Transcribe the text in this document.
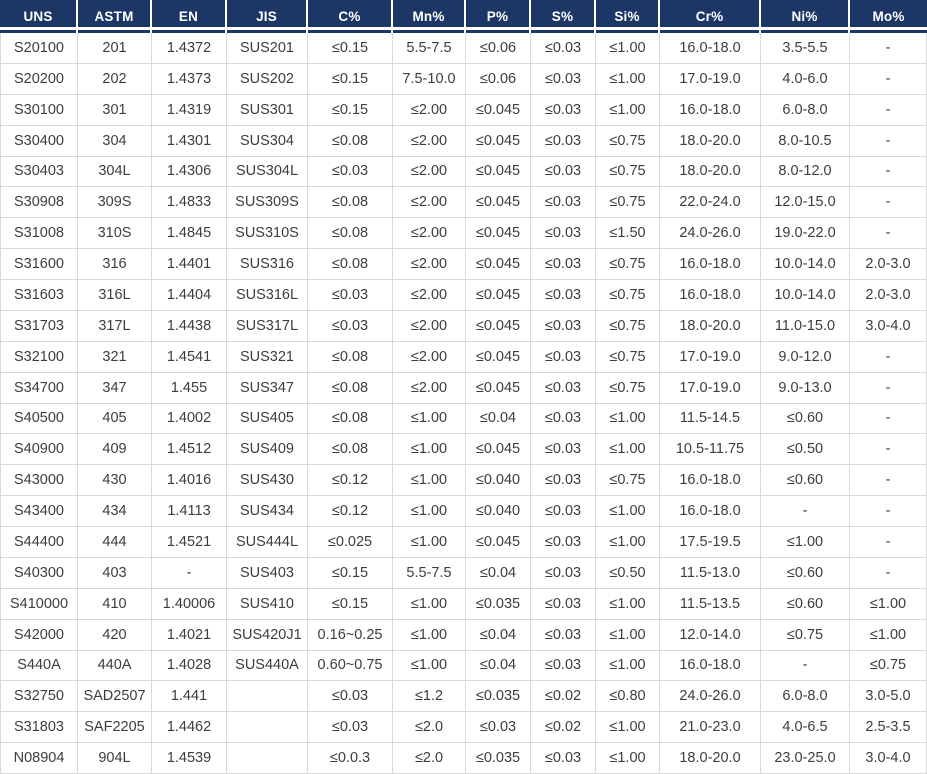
UNS	ASTM	EN	JIS	C%	Mn%	P%	S%	Si%	Cr%	Ni%	Mo%
S20100	201	1.4372	SUS201	≤0.15	5.5-7.5	≤0.06	≤0.03	≤1.00	16.0-18.0	3.5-5.5	-
S20200	202	1.4373	SUS202	≤0.15	7.5-10.0	≤0.06	≤0.03	≤1.00	17.0-19.0	4.0-6.0	-
S30100	301	1.4319	SUS301	≤0.15	≤2.00	≤0.045	≤0.03	≤1.00	16.0-18.0	6.0-8.0	-
S30400	304	1.4301	SUS304	≤0.08	≤2.00	≤0.045	≤0.03	≤0.75	18.0-20.0	8.0-10.5	-
S30403	304L	1.4306	SUS304L	≤0.03	≤2.00	≤0.045	≤0.03	≤0.75	18.0-20.0	8.0-12.0	-
S30908	309S	1.4833	SUS309S	≤0.08	≤2.00	≤0.045	≤0.03	≤0.75	22.0-24.0	12.0-15.0	-
S31008	310S	1.4845	SUS310S	≤0.08	≤2.00	≤0.045	≤0.03	≤1.50	24.0-26.0	19.0-22.0	-
S31600	316	1.4401	SUS316	≤0.08	≤2.00	≤0.045	≤0.03	≤0.75	16.0-18.0	10.0-14.0	2.0-3.0
S31603	316L	1.4404	SUS316L	≤0.03	≤2.00	≤0.045	≤0.03	≤0.75	16.0-18.0	10.0-14.0	2.0-3.0
S31703	317L	1.4438	SUS317L	≤0.03	≤2.00	≤0.045	≤0.03	≤0.75	18.0-20.0	11.0-15.0	3.0-4.0
S32100	321	1.4541	SUS321	≤0.08	≤2.00	≤0.045	≤0.03	≤0.75	17.0-19.0	9.0-12.0	-
S34700	347	1.455	SUS347	≤0.08	≤2.00	≤0.045	≤0.03	≤0.75	17.0-19.0	9.0-13.0	-
S40500	405	1.4002	SUS405	≤0.08	≤1.00	≤0.04	≤0.03	≤1.00	11.5-14.5	≤0.60	-
S40900	409	1.4512	SUS409	≤0.08	≤1.00	≤0.045	≤0.03	≤1.00	10.5-11.75	≤0.50	-
S43000	430	1.4016	SUS430	≤0.12	≤1.00	≤0.040	≤0.03	≤0.75	16.0-18.0	≤0.60	-
S43400	434	1.4113	SUS434	≤0.12	≤1.00	≤0.040	≤0.03	≤1.00	16.0-18.0	-	-
S44400	444	1.4521	SUS444L	≤0.025	≤1.00	≤0.045	≤0.03	≤1.00	17.5-19.5	≤1.00	-
S40300	403	-	SUS403	≤0.15	5.5-7.5	≤0.04	≤0.03	≤0.50	11.5-13.0	≤0.60	-
S410000	410	1.40006	SUS410	≤0.15	≤1.00	≤0.035	≤0.03	≤1.00	11.5-13.5	≤0.60	≤1.00
S42000	420	1.4021	SUS420J1	0.16~0.25	≤1.00	≤0.04	≤0.03	≤1.00	12.0-14.0	≤0.75	≤1.00
S440A	440A	1.4028	SUS440A	0.60~0.75	≤1.00	≤0.04	≤0.03	≤1.00	16.0-18.0	-	≤0.75
S32750	SAD2507	1.441		≤0.03	≤1.2	≤0.035	≤0.02	≤0.80	24.0-26.0	6.0-8.0	3.0-5.0
S31803	SAF2205	1.4462		≤0.03	≤2.0	≤0.03	≤0.02	≤1.00	21.0-23.0	4.0-6.5	2.5-3.5
N08904	904L	1.4539		≤0.0.3	≤2.0	≤0.035	≤0.03	≤1.00	18.0-20.0	23.0-25.0	3.0-4.0
